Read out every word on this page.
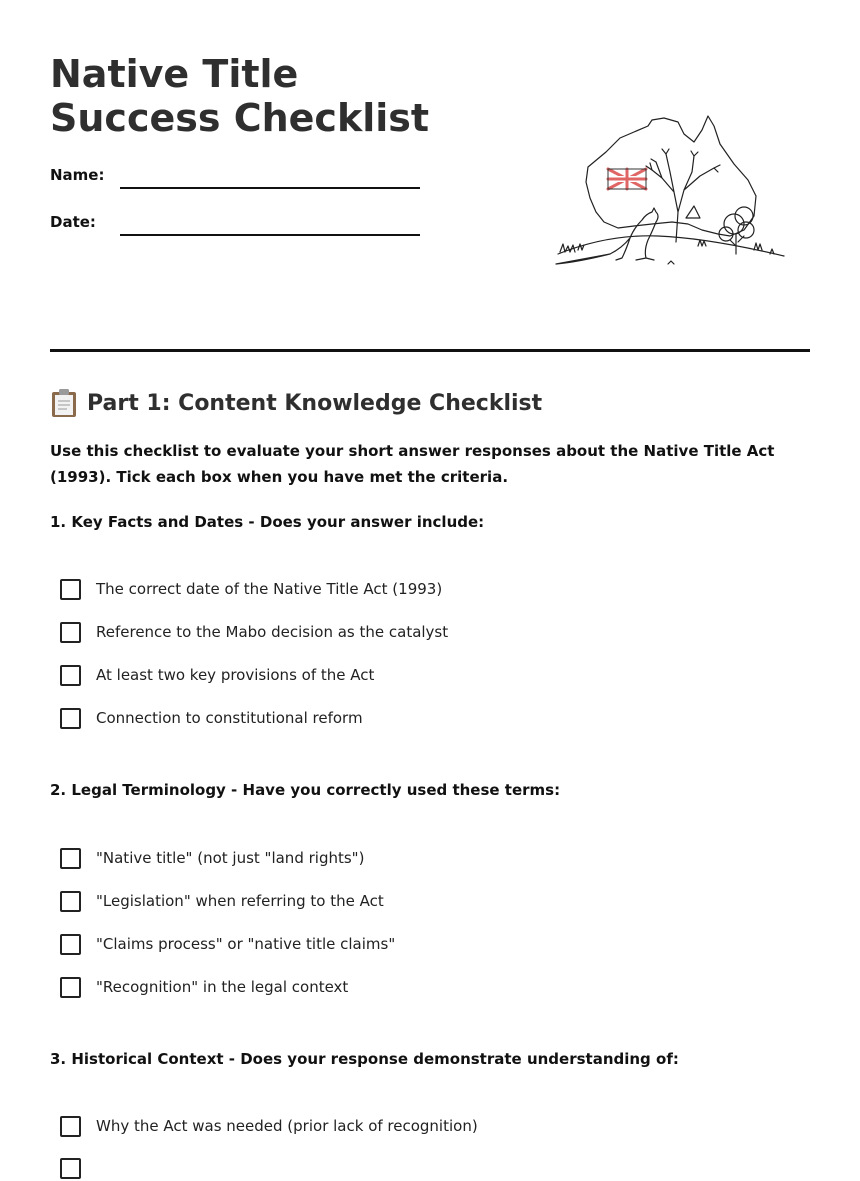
Native Title Success Checklist
Name:
Date:
Part 1: Content Knowledge Checklist
Use this checklist to evaluate your short answer responses about the Native Title Act (1993). Tick each box when you have met the criteria.
1. Key Facts and Dates - Does your answer include:
The correct date of the Native Title Act (1993)
Reference to the Mabo decision as the catalyst
At least two key provisions of the Act
Connection to constitutional reform
2. Legal Terminology - Have you correctly used these terms:
"Native title" (not just "land rights")
"Legislation" when referring to the Act
"Claims process" or "native title claims"
"Recognition" in the legal context
3. Historical Context - Does your response demonstrate understanding of:
Why the Act was needed (prior lack of recognition)
